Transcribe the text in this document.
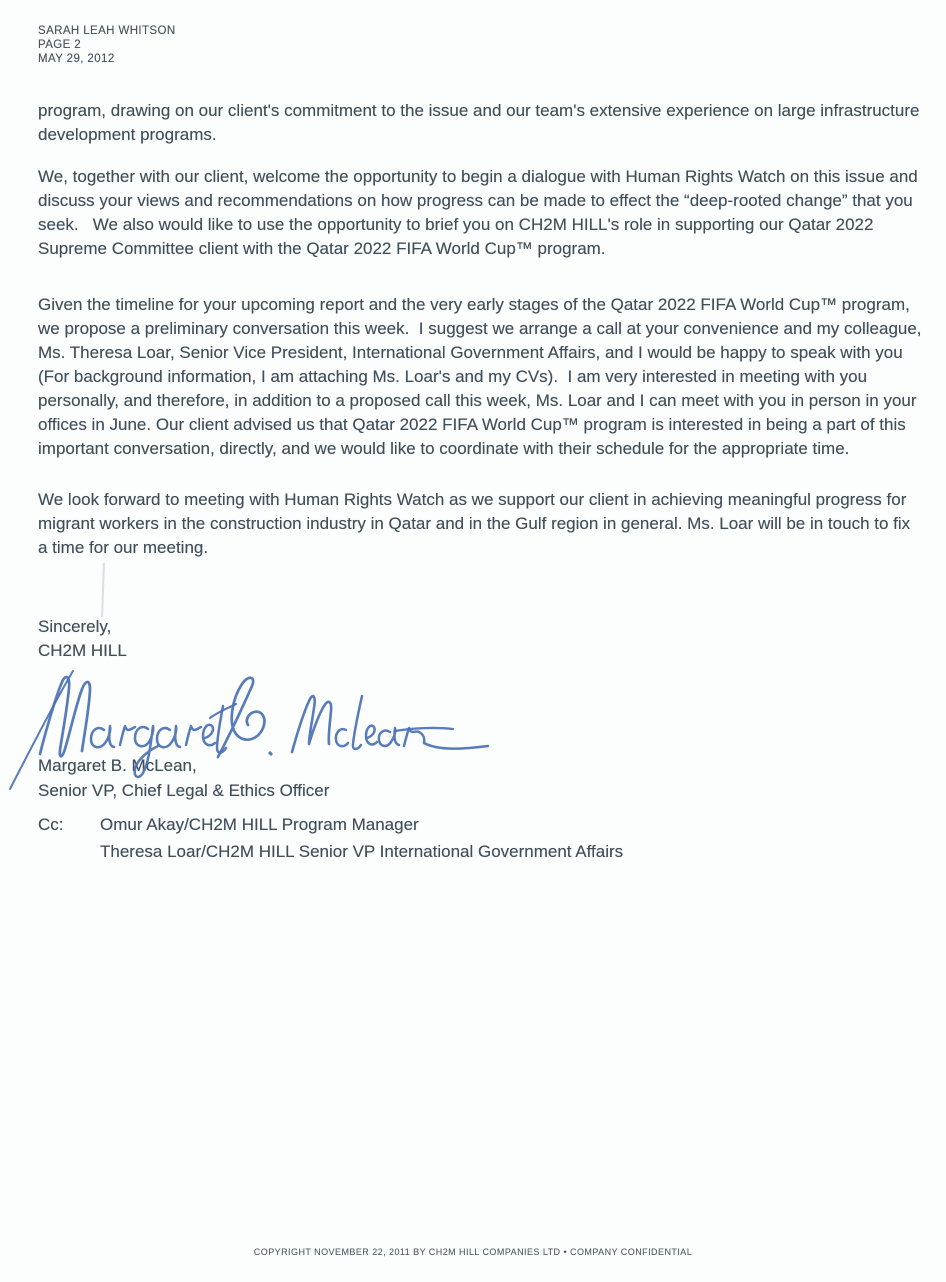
SARAH LEAH WHITSON
PAGE 2
MAY 29, 2012

program, drawing on our client's commitment to the issue and our team's extensive experience on large infrastructure development programs.

We, together with our client, welcome the opportunity to begin a dialogue with Human Rights Watch on this issue and discuss your views and recommendations on how progress can be made to effect the “deep-rooted change” that you seek.   We also would like to use the opportunity to brief you on CH2M HILL's role in supporting our Qatar 2022 Supreme Committee client with the Qatar 2022 FIFA World Cup™ program.

Given the timeline for your upcoming report and the very early stages of the Qatar 2022 FIFA World Cup™ program, we propose a preliminary conversation this week.  I suggest we arrange a call at your convenience and my colleague, Ms. Theresa Loar, Senior Vice President, International Government Affairs, and I would be happy to speak with you  (For background information, I am attaching Ms. Loar's and my CVs).  I am very interested in meeting with you personally, and therefore, in addition to a proposed call this week, Ms. Loar and I can meet with you in person in your offices in June. Our client advised us that Qatar 2022 FIFA World Cup™ program is interested in being a part of this important conversation, directly, and we would like to coordinate with their schedule for the appropriate time.

We look forward to meeting with Human Rights Watch as we support our client in achieving meaningful progress for migrant workers in the construction industry in Qatar and in the Gulf region in general. Ms. Loar will be in touch to fix a time for our meeting.

Sincerely,
CH2M HILL
Margaret B. McLean,
Senior VP, Chief Legal & Ethics Officer
Cc:	Omur Akay/CH2M HILL Program Manager
Theresa Loar/CH2M HILL Senior VP International Government Affairs
COPYRIGHT NOVEMBER 22, 2011 BY CH2M HILL COMPANIES LTD • COMPANY CONFIDENTIAL
